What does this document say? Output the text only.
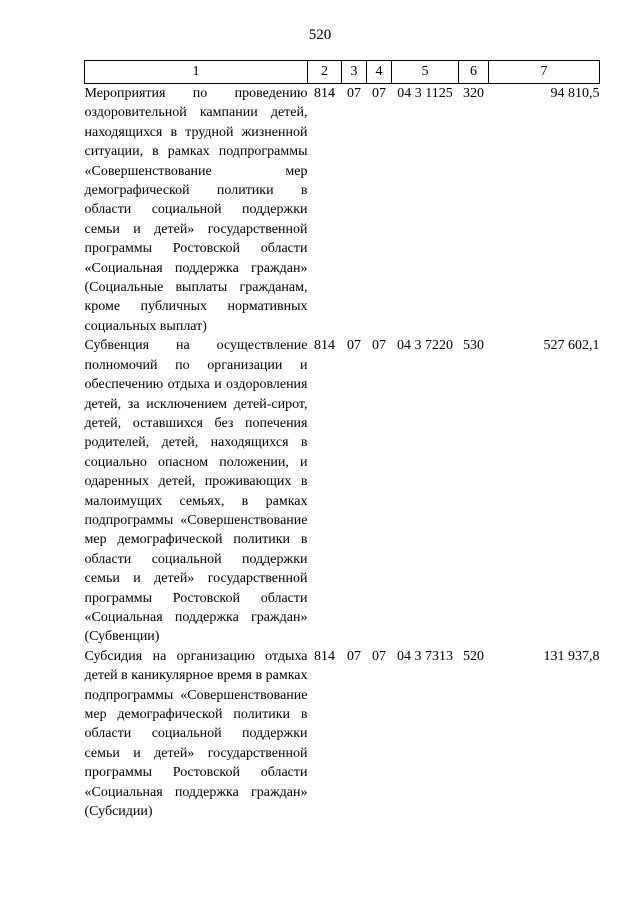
520
1	2	3	4	5	6	7
Мероприятия по проведению оздоровительной кампании детей, находящихся в трудной жизненной ситуации, в рамках подпрограммы «Совершенствование мер демографической политики в области социальной поддержки семьи и детей» государственной программы Ростовской области «Социальная поддержка граждан» (Социальные выплаты гражданам, кроме публичных нормативных социальных выплат)	814	07	07	04 3 1125	320	94 810,5
Субвенция на осуществление полномочий по организации и обеспечению отдыха и оздоровления детей, за исключением детей-сирот, детей, оставшихся без попечения родителей, детей, находящихся в социально опасном положении, и одаренных детей, проживающих в малоимущих семьях, в рамках подпрограммы «Совершенствование мер демографической политики в области социальной поддержки семьи и детей» государственной программы Ростовской области «Социальная поддержка граждан» (Субвенции)	814	07	07	04 3 7220	530	527 602,1
Субсидия на организацию отдыха детей в каникулярное время в рамках подпрограммы «Совершенствование мер демографической политики в области социальной поддержки семьи и детей» государственной программы Ростовской области «Социальная поддержка граждан» (Субсидии)	814	07	07	04 3 7313	520	131 937,8
